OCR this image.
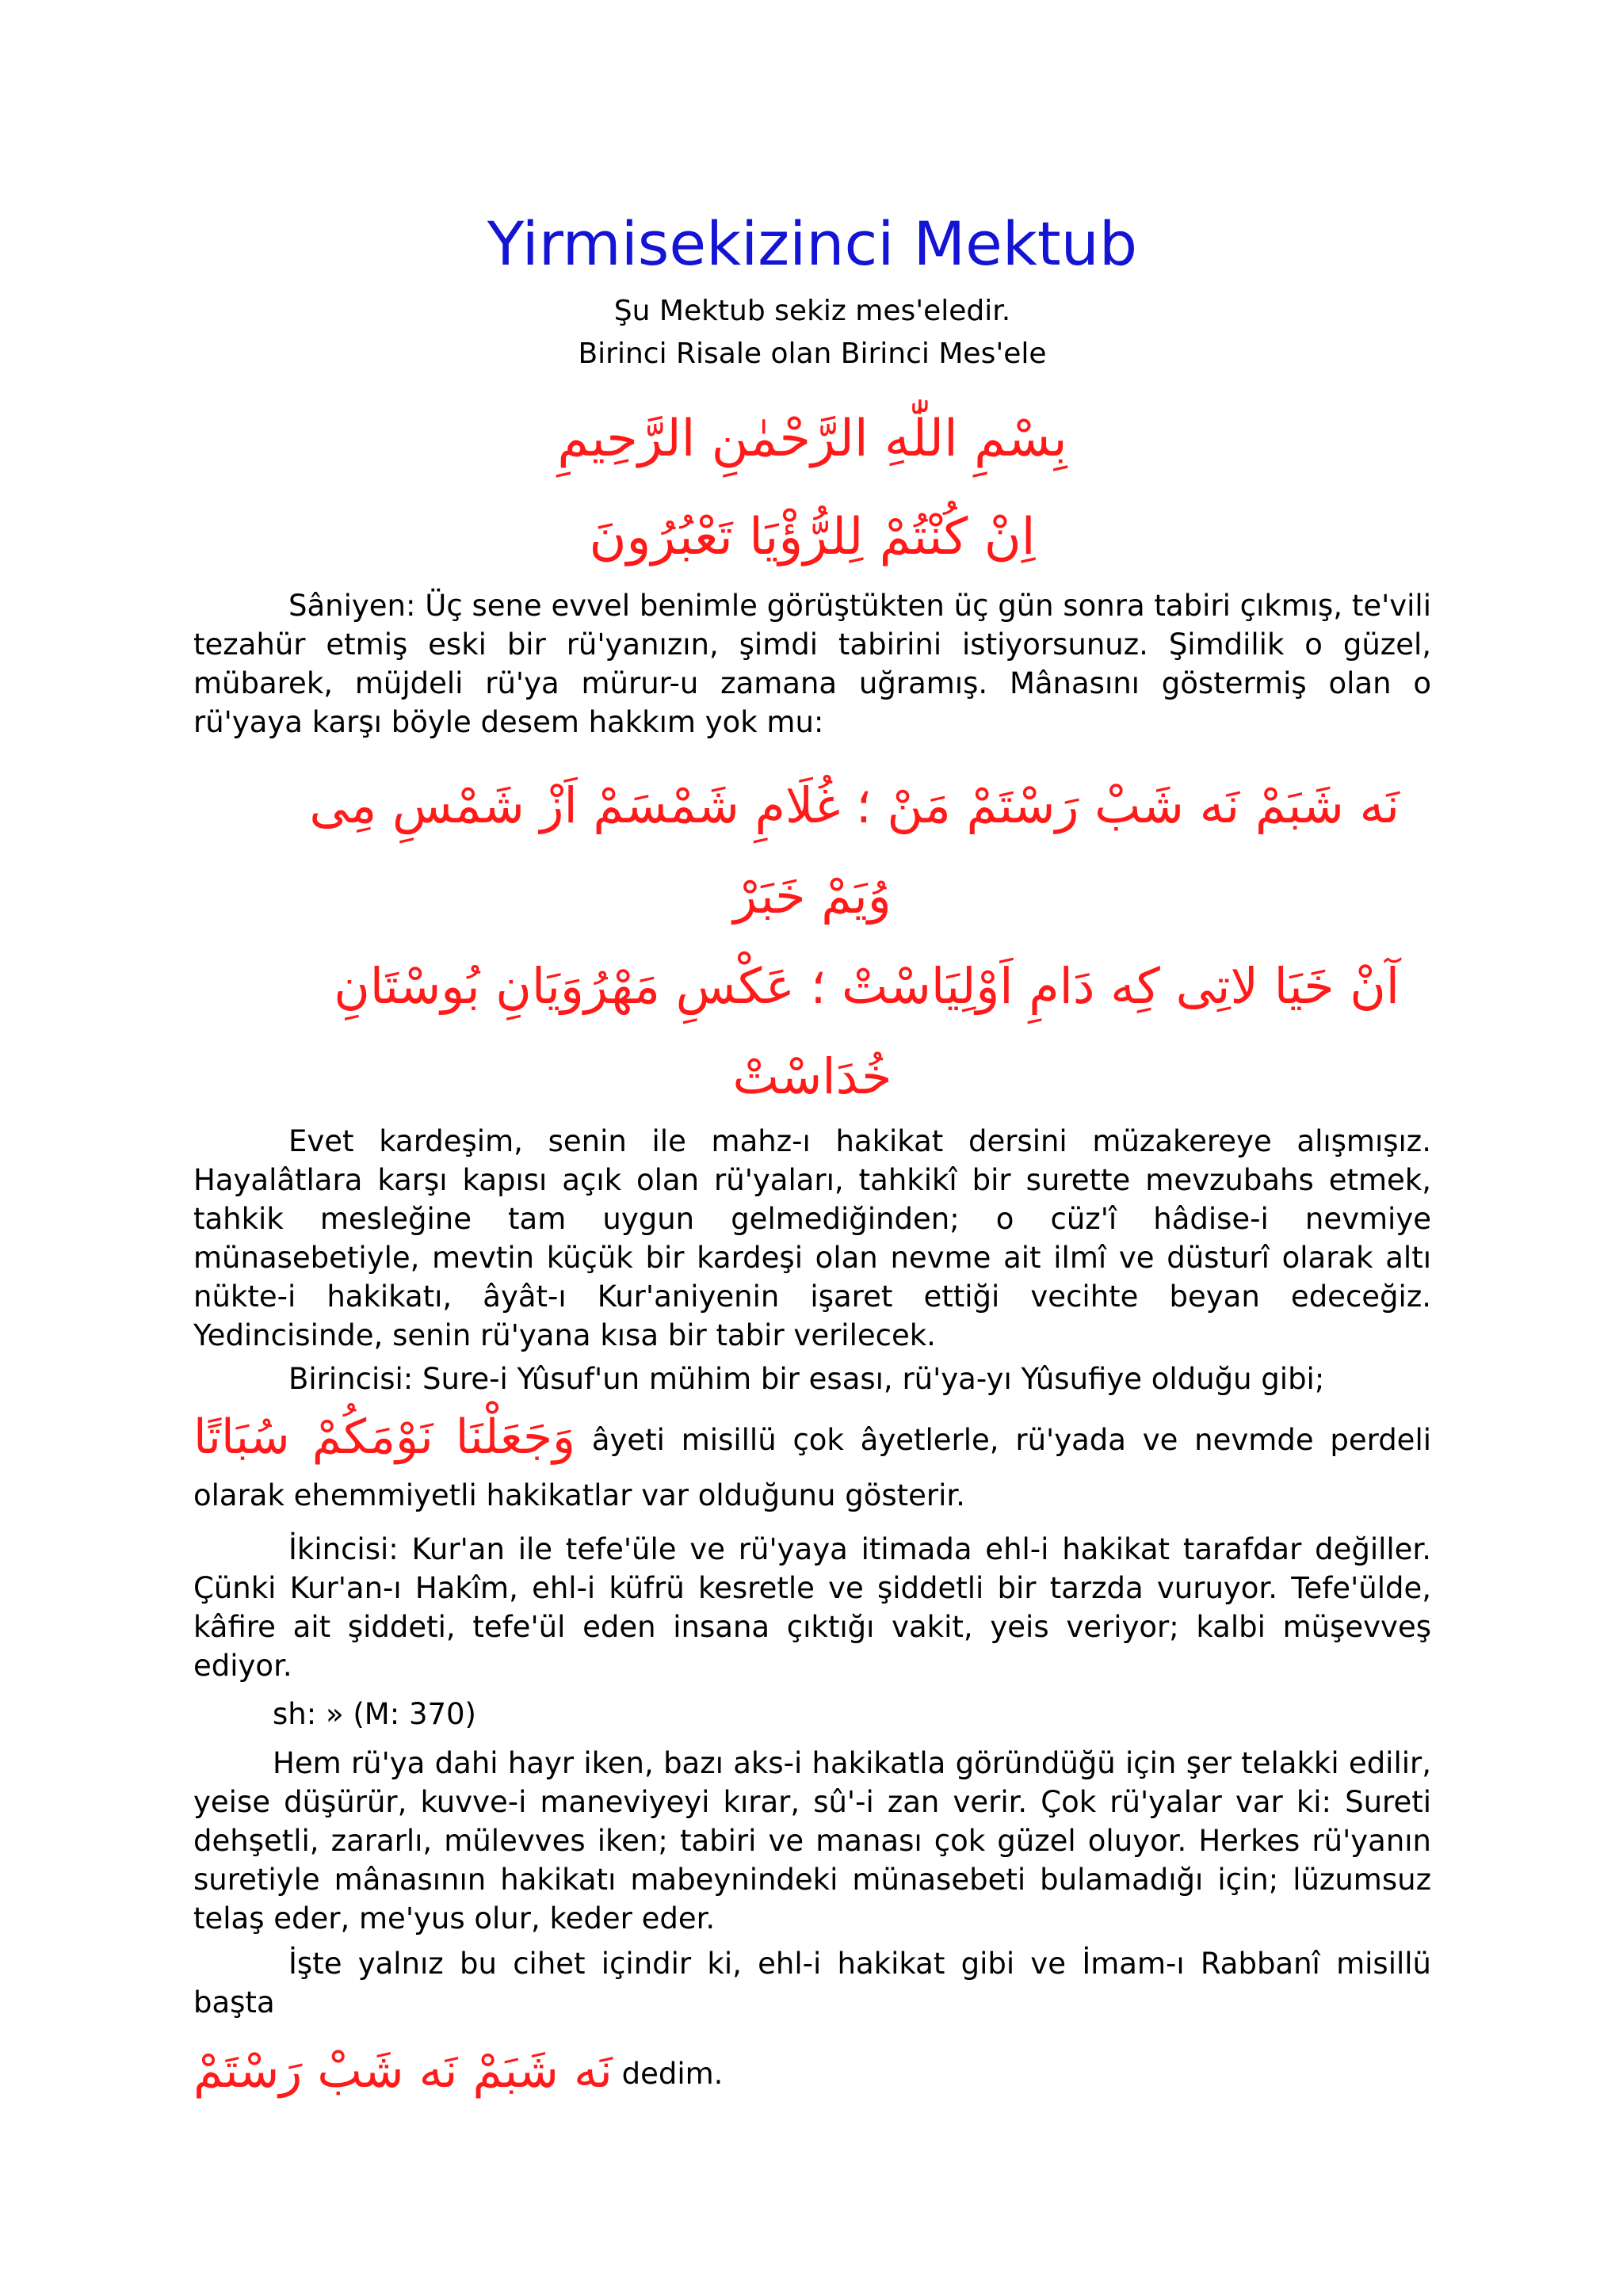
Yirmisekizinci Mektub

Şu Mektub sekiz mes'eledir.

Birinci Risale olan Birinci Mes'ele

بِسْمِ اللّٰهِ الرَّحْمٰنِ الرَّحِيمِ

اِنْ كُنْتُمْ لِلرُّؤْيَا تَعْبُرُونَ

Sâniyen: Üç sene evvel benimle görüştükten üç gün sonra tabiri çıkmış, te'vili tezahür etmiş eski bir rü'yanızın, şimdi tabirini istiyorsunuz. Şimdilik o güzel, mübarek, müjdeli rü'ya mürur-u zamana uğramış. Mânasını göstermiş olan o rü'yaya karşı böyle desem hakkım yok mu:

نَه شَبَمْ نَه شَبْ رَسْتَمْ مَنْ ؛ غُلَامِ شَمْسَمْ اَزْ شَمْسِ مِى

وُيَمْ خَبَرْ

آنْ خَيَا لاتِى كِه دَامِ اَوْلِيَاسْتْ ؛ عَكْسِ مَهْرُوَيَانِ بُوسْتَانِ

خُدَاسْتْ

Evet kardeşim, senin ile mahz-ı hakikat dersini müzakereye alışmışız. Hayalâtlara karşı kapısı açık olan rü'yaları, tahkikî bir surette mevzubahs etmek, tahkik mesleğine tam uygun gelmediğinden; o cüz'î hâdise-i nevmiye münasebetiyle, mevtin küçük bir kardeşi olan nevme ait ilmî ve düsturî olarak altı nükte-i hakikatı, âyât-ı Kur'aniyenin işaret ettiği vecihte beyan edeceğiz. Yedincisinde, senin rü'yana kısa bir tabir verilecek.

Birincisi: Sure-i Yûsuf'un mühim bir esası, rü'ya-yı Yûsufiye olduğu gibi;

وَجَعَلْنَا نَوْمَكُمْ سُبَاتًا âyeti misillü çok âyetlerle, rü'yada ve nevmde perdeli olarak ehemmiyetli hakikatlar var olduğunu gösterir.

İkincisi: Kur'an ile tefe'üle ve rü'yaya itimada ehl-i hakikat tarafdar değiller. Çünki Kur'an-ı Hakîm, ehl-i küfrü kesretle ve şiddetli bir tarzda vuruyor. Tefe'ülde, kâfire ait şiddeti, tefe'ül eden insana çıktığı vakit, yeis veriyor; kalbi müşevveş ediyor.

sh: » (M: 370)

Hem rü'ya dahi hayr iken, bazı aks-i hakikatla göründüğü için şer telakki edilir, yeise düşürür, kuvve-i maneviyeyi kırar, sû'-i zan verir. Çok rü'yalar var ki: Sureti dehşetli, zararlı, mülevves iken; tabiri ve manası çok güzel oluyor. Herkes rü'yanın suretiyle mânasının hakikatı mabeynindeki münasebeti bulamadığı için; lüzumsuz telaş eder, me'yus olur, keder eder.

İşte yalnız bu cihet içindir ki, ehl-i hakikat gibi ve İmam-ı Rabbanî misillü başta

نَه شَبَمْ نَه شَبْ رَسْتَمْ dedim.
